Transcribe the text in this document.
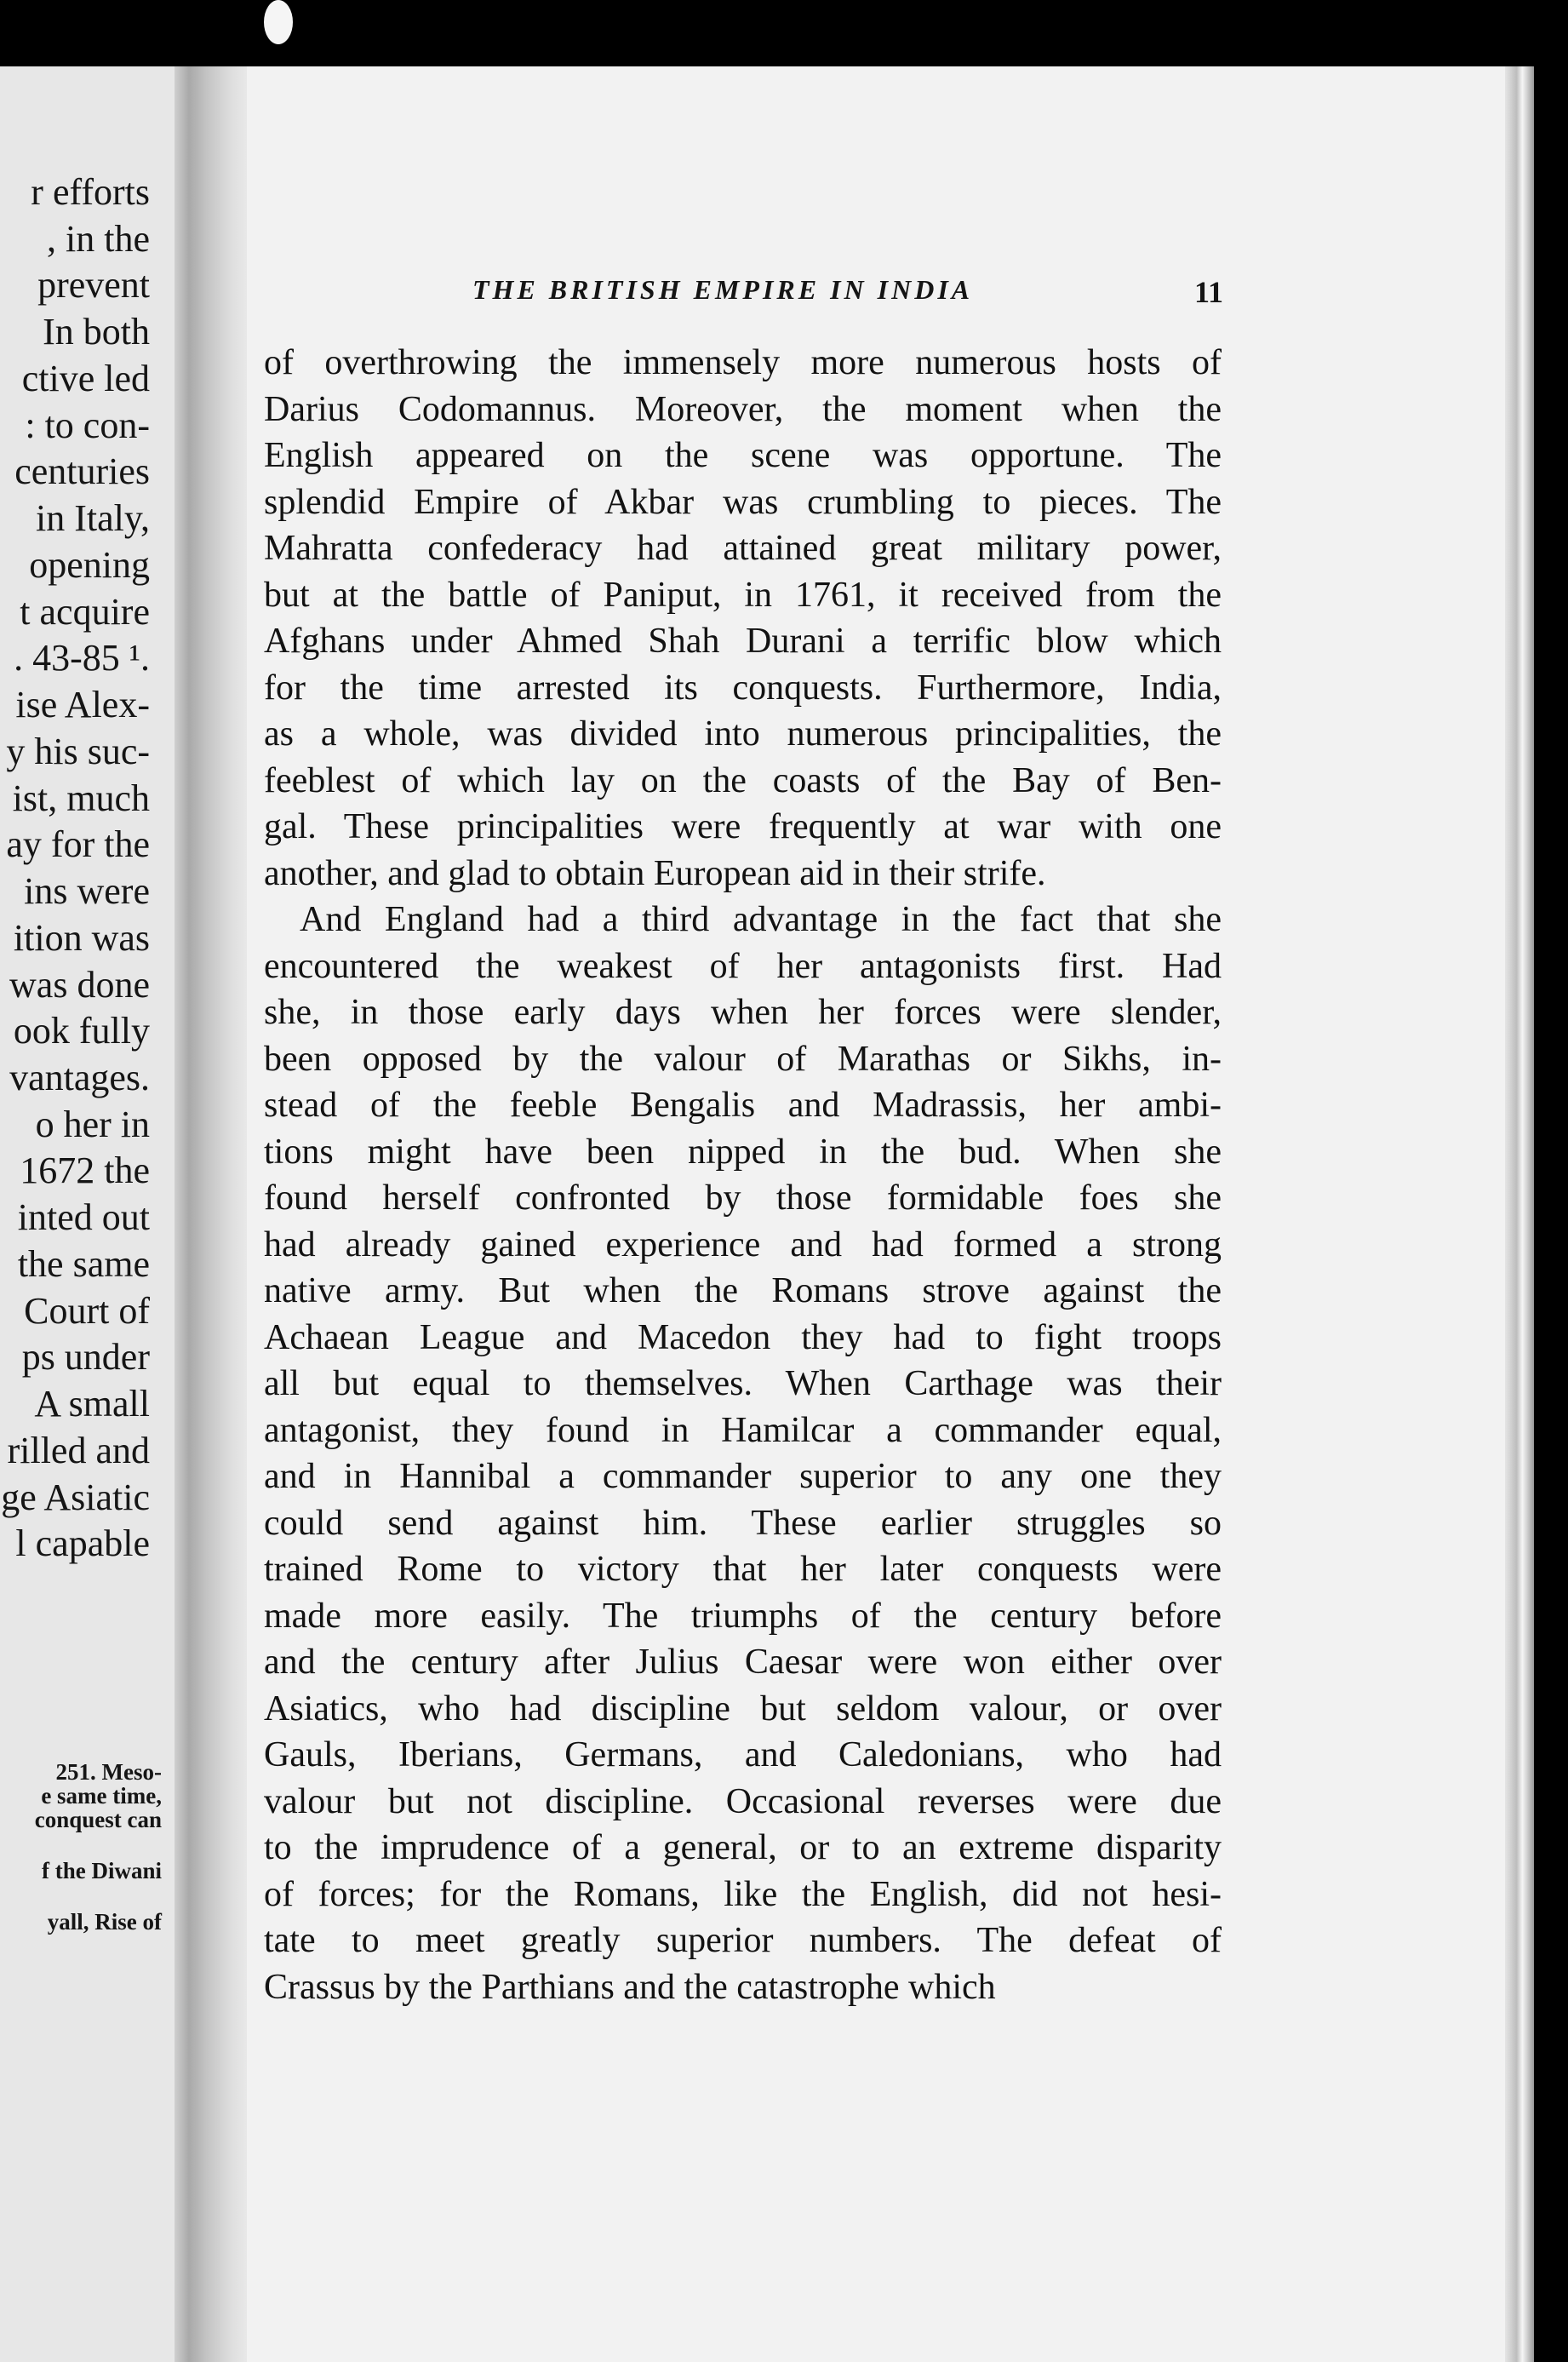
r efforts
, in the
prevent
In both
ctive led
: to con-
centuries
in Italy,
opening
t acquire
. 43-85 ¹.
ise Alex-
y his suc-
ist, much
ay for the
ins were
ition was
was done
ook fully
vantages.
o her in
1672 the
inted out
the same
Court of
ps under
A small
rilled and
ge Asiatic
l capable
251. Meso-
e same time,
conquest can
f the Diwani
yall, Rise of
THE BRITISH EMPIRE IN INDIA	11
of overthrowing the immensely more numerous hosts of
Darius Codomannus. Moreover, the moment when the
English appeared on the scene was opportune. The
splendid Empire of Akbar was crumbling to pieces. The
Mahratta confederacy had attained great military power,
but at the battle of Paniput, in 1761, it received from the
Afghans under Ahmed Shah Durani a terrific blow which
for the time arrested its conquests. Furthermore, India,
as a whole, was divided into numerous principalities, the
feeblest of which lay on the coasts of the Bay of Ben-
gal. These principalities were frequently at war with one
another, and glad to obtain European aid in their strife.
And England had a third advantage in the fact that she
encountered the weakest of her antagonists first. Had
she, in those early days when her forces were slender,
been opposed by the valour of Marathas or Sikhs, in-
stead of the feeble Bengalis and Madrassis, her ambi-
tions might have been nipped in the bud. When she
found herself confronted by those formidable foes she
had already gained experience and had formed a strong
native army. But when the Romans strove against the
Achaean League and Macedon they had to fight troops
all but equal to themselves. When Carthage was their
antagonist, they found in Hamilcar a commander equal,
and in Hannibal a commander superior to any one they
could send against him. These earlier struggles so
trained Rome to victory that her later conquests were
made more easily. The triumphs of the century before
and the century after Julius Caesar were won either over
Asiatics, who had discipline but seldom valour, or over
Gauls, Iberians, Germans, and Caledonians, who had
valour but not discipline. Occasional reverses were due
to the imprudence of a general, or to an extreme disparity
of forces; for the Romans, like the English, did not hesi-
tate to meet greatly superior numbers. The defeat of
Crassus by the Parthians and the catastrophe which
